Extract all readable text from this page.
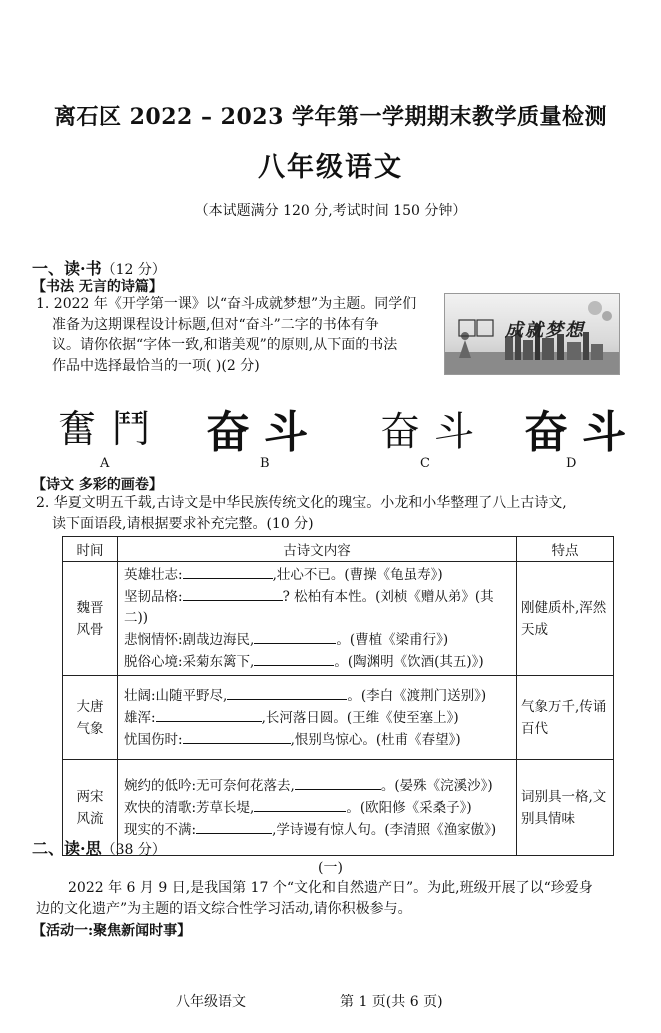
离石区 2022 – 2023 学年第一学期期末教学质量检测
八年级语文
（本试题满分 120 分,考试时间 150 分钟）
一、读·书（12 分）
【书法 无言的诗篇】
1. 2022 年《开学第一课》以“奋斗成就梦想”为主题。同学们
准备为这期课程设计标题,但对“奋斗”二字的书体有争
议。请你依据“字体一致,和谐美观”的原则,从下面的书法
作品中选择最恰当的一项( )(2 分)
成就梦想
奮鬥 奋斗 奋斗 奋斗
A	B	C	D
【诗文 多彩的画卷】
2. 华夏文明五千载,古诗文是中华民族传统文化的瑰宝。小龙和小华整理了八上古诗文,
读下面语段,请根据要求补充完整。(10 分)
时间	古诗文内容	特点

魏晋风骨	英雄壮志: ,壮心不已。(曹操《龟虽寿》)
坚韧品格: ? 松柏有本性。(刘桢《赠从弟》(其二))
悲悯情怀:剧哉边海民, 。(曹植《梁甫行》)
脱俗心境:采菊东篱下, 。(陶渊明《饮酒(其五)》)	刚健质朴,浑然天成

大唐气象	壮阔:山随平野尽, 。(李白《渡荆门送别》)
雄浑: ,长河落日圆。(王维《使至塞上》)
忧国伤时: ,恨别鸟惊心。(杜甫《春望》)	气象万千,传诵百代

两宋风流	婉约的低吟:无可奈何花落去, 。(晏殊《浣溪沙》)
欢快的清歌:芳草长堤, 。(欧阳修《采桑子》)
现实的不满: ,学诗谩有惊人句。(李清照《渔家傲》)	词别具一格,文别具情味
二、读·思（38 分）
(一)
2022 年 6 月 9 日,是我国第 17 个“文化和自然遗产日”。为此,班级开展了以“珍爱身
边的文化遗产”为主题的语文综合性学习活动,请你积极参与。
【活动一:聚焦新闻时事】
八年级语文	第 1 页(共 6 页)
